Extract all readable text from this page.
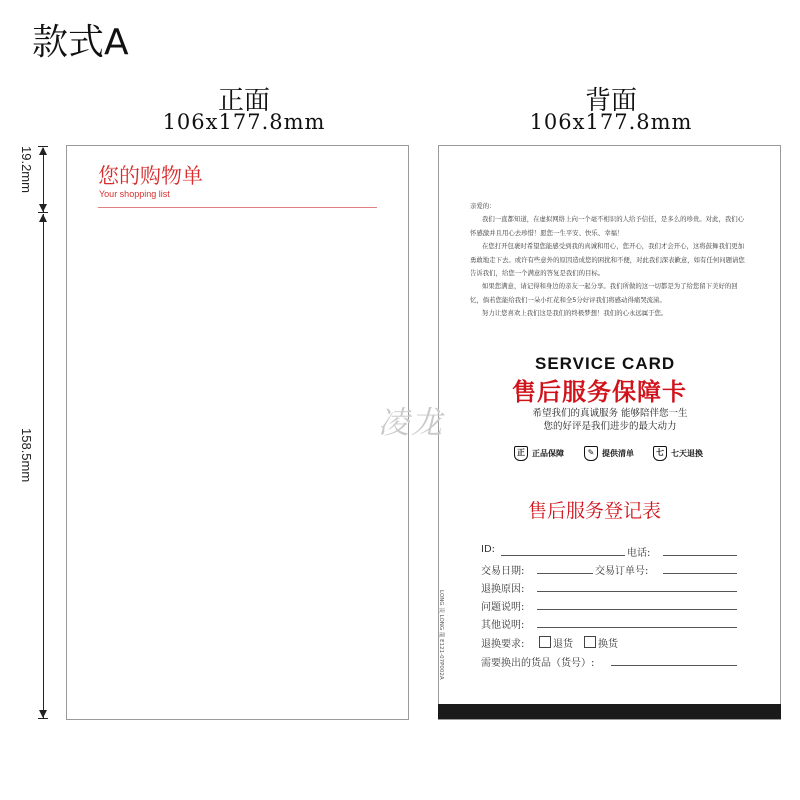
款式A
正面
106x177.8mm
背面
106x177.8mm
19.2mm
158.5mm
您的购物单
Your shopping list

亲爱的：

我们一直都知道，在虚拟网络上向一个毫不相识的人给予信任，是多么的珍贵。对此，我们心怀感激并且用心去珍惜！愿您一生平安、快乐、幸福！

在您打开包裹时希望您能感受到我的真诚和用心，您开心，我们才会开心，这将鼓舞我们更加勇敢地走下去。或许有些意外的原因造成您的困扰和不便，对此我们深表歉意，如有任何问题请您告诉我们，给您一个满意的答复是我们的目标。

如果您满意，请记得和身边的亲友一起分享。我们所做的这一切都是为了给您留下美好的回忆，倘若您能给我们一朵小红花和全5分好评我们将感动得痛哭流涕。

努力让您喜欢上我们这是我们的终极梦想！我们的心永远属于您。

SERVICE CARD
售后服务保障卡
希望我们的真诚服务 能够陪伴您一生
您的好评是我们进步的最大动力
正 正品保障	✎ 提供清单	七 七天退换
售后服务登记表
ID:	电话:
交易日期:	交易订单号:
退换原因:
问题说明:
其他说明:
退换要求:	退货	换货
需要换出的货品（货号）:
LONG 凌 LONG 龍 E121-07P002A
凌龙
